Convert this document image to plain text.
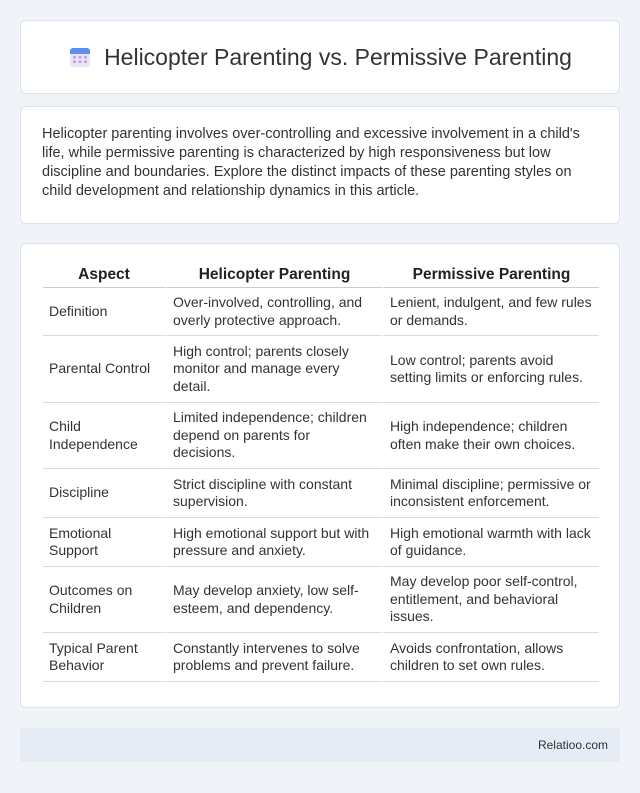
Helicopter Parenting vs. Permissive Parenting

Helicopter parenting involves over-controlling and excessive involvement in a child's life, while permissive parenting is characterized by high responsiveness but low discipline and boundaries. Explore the distinct impacts of these parenting styles on child development and relationship dynamics in this article.

Aspect	Helicopter Parenting	Permissive Parenting
Definition	Over-involved, controlling, and overly protective approach.	Lenient, indulgent, and few rules or demands.
Parental Control	High control; parents closely monitor and manage every detail.	Low control; parents avoid setting limits or enforcing rules.
Child Independence	Limited independence; children depend on parents for decisions.	High independence; children often make their own choices.
Discipline	Strict discipline with constant supervision.	Minimal discipline; permissive or inconsistent enforcement.
Emotional Support	High emotional support but with pressure and anxiety.	High emotional warmth with lack of guidance.
Outcomes on Children	May develop anxiety, low self-esteem, and dependency.	May develop poor self-control, entitlement, and behavioral issues.
Typical Parent Behavior	Constantly intervenes to solve problems and prevent failure.	Avoids confrontation, allows children to set own rules.
Relatioo.com
